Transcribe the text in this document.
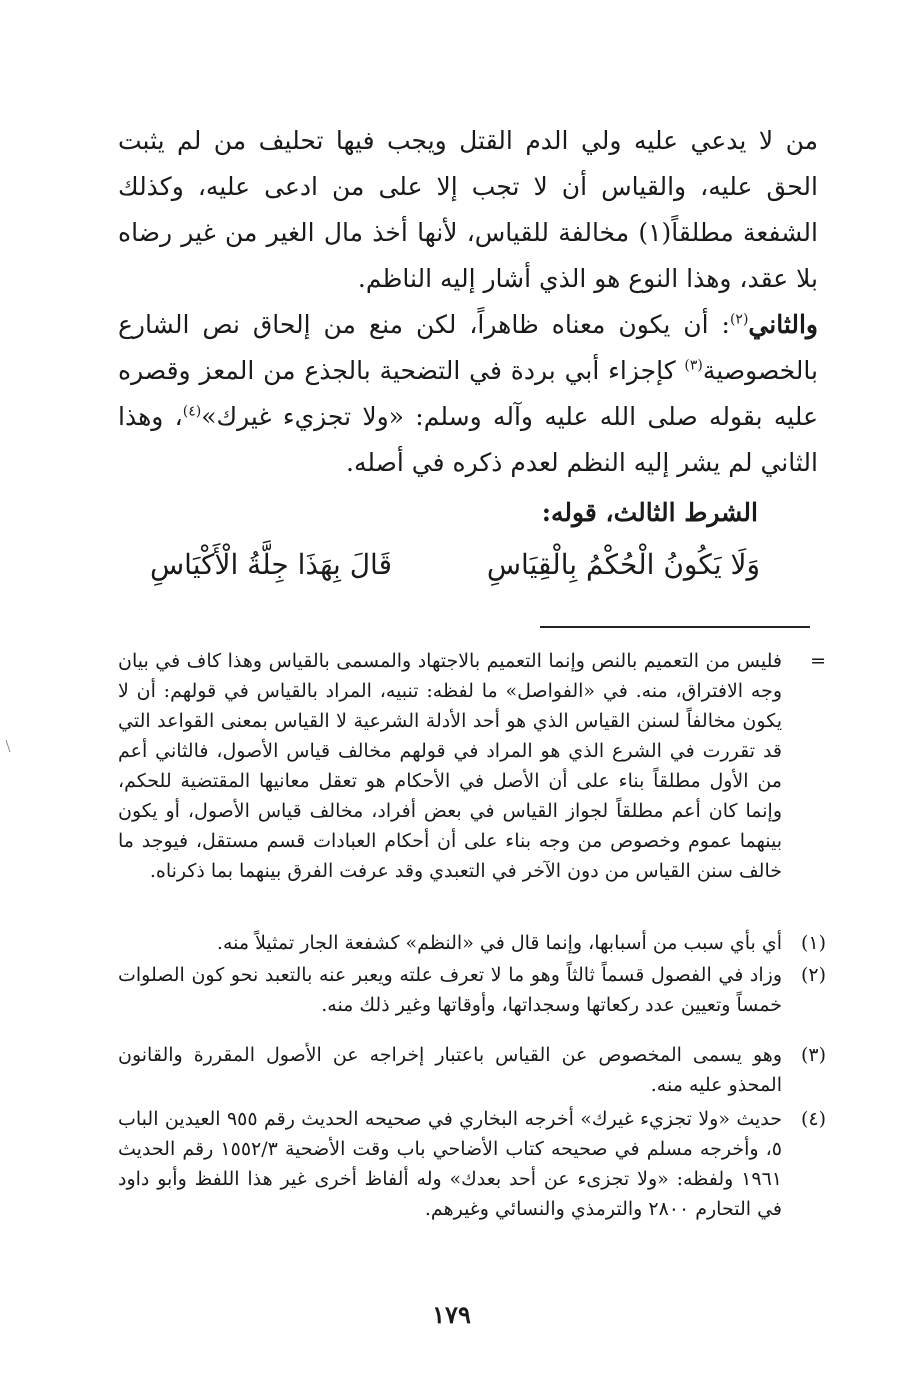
من لا يدعي عليه ولي الدم القتل ويجب فيها تحليف من لم يثبت الحق عليه، والقياس أن لا تجب إلا على من ادعى عليه، وكذلك الشفعة مطلقاً(١) مخالفة للقياس، لأنها أخذ مال الغير من غير رضاه بلا عقد، وهذا النوع هو الذي أشار إليه الناظم.
والثاني$^{(٢)}$: أن يكون معناه ظاهراً، لكن منع من إلحاق نص الشارع بالخصوصية$^{(٣)}$ كإجزاء أبي بردة في التضحية بالجذع من المعز وقصره عليه بقوله صلى الله عليه وآله وسلم: «ولا تجزيء غيرك»$^{(٤)}$، وهذا الثاني لم يشر إليه النظم لعدم ذكره في أصله.
الشرط الثالث، قوله:
وَلَا يَكُونُ الْحُكْمُ بِالْقِيَاسِ
قَالَ بِهَذَا جِلَّةُ الْأَكْيَاسِ
=
فليس من التعميم بالنص وإنما التعميم بالاجتهاد والمسمى بالقياس وهذا كاف في بيان وجه الافتراق، منه. في «الفواصل» ما لفظه: تنبيه، المراد بالقياس في قولهم: أن لا يكون مخالفاً لسنن القياس الذي هو أحد الأدلة الشرعية لا القياس بمعنى القواعد التي قد تقررت في الشرع الذي هو المراد في قولهم مخالف قياس الأصول، فالثاني أعم من الأول مطلقاً بناء على أن الأصل في الأحكام هو تعقل معانيها المقتضية للحكم، وإنما كان أعم مطلقاً لجواز القياس في بعض أفراد، مخالف قياس الأصول، أو يكون بينهما عموم وخصوص من وجه بناء على أن أحكام العبادات قسم مستقل، فيوجد ما خالف سنن القياس من دون الآخر في التعبدي وقد عرفت الفرق بينهما بما ذكرناه.
(١)
أي بأي سبب من أسبابها، وإنما قال في «النظم» كشفعة الجار تمثيلاً منه.
(٢)
وزاد في الفصول قسماً ثالثاً وهو ما لا تعرف علته ويعبر عنه بالتعبد نحو كون الصلوات خمساً وتعيين عدد ركعاتها وسجداتها، وأوقاتها وغير ذلك منه.
(٣)
وهو يسمى المخصوص عن القياس باعتبار إخراجه عن الأصول المقررة والقانون المحذو عليه منه.
(٤)
حديث «ولا تجزيء غيرك» أخرجه البخاري في صحيحه الحديث رقم ٩٥٥ العيدين الباب ٥، وأخرجه مسلم في صحيحه كتاب الأضاحي باب وقت الأضحية ١٥٥٢/٣ رقم الحديث ١٩٦١ ولفظه: «ولا تجزىء عن أحد بعدك» وله ألفاظ أخرى غير هذا اللفظ وأبو داود في التحارم ٢٨٠٠ والترمذي والنسائي وغيرهم.
١٧٩
